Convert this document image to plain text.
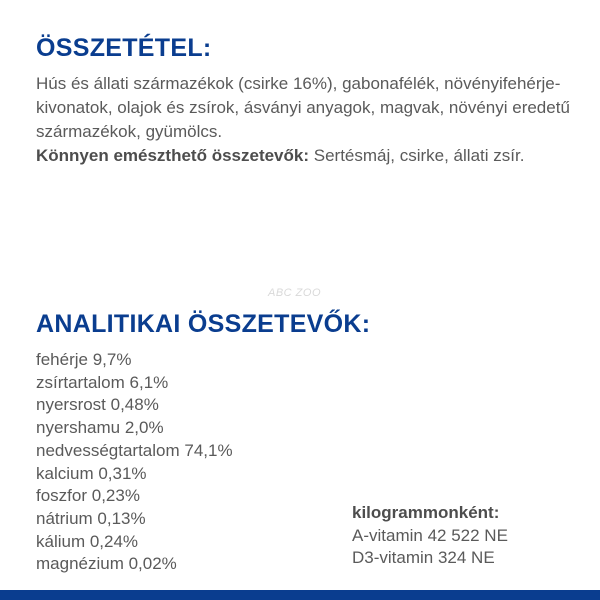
ÖSSZETÉTEL:

Hús és állati származékok (csirke 16%), gabonafélék, növényifehérje-kivonatok, olajok és zsírok, ásványi anyagok, magvak, növényi eredetű származékok, gyümölcs.
Könnyen emészthető összetevők: Sertésmáj, csirke, állati zsír.

ABC ZOO
ANALITIKAI ÖSSZETEVŐK:
fehérje 9,7%
zsírtartalom 6,1%
nyersrost 0,48%
nyershamu 2,0%
nedvességtartalom 74,1%
kalcium 0,31%
foszfor 0,23%
nátrium 0,13%
kálium 0,24%
magnézium 0,02%
kilogrammonként:
A-vitamin 42 522 NE
D3-vitamin 324 NE
